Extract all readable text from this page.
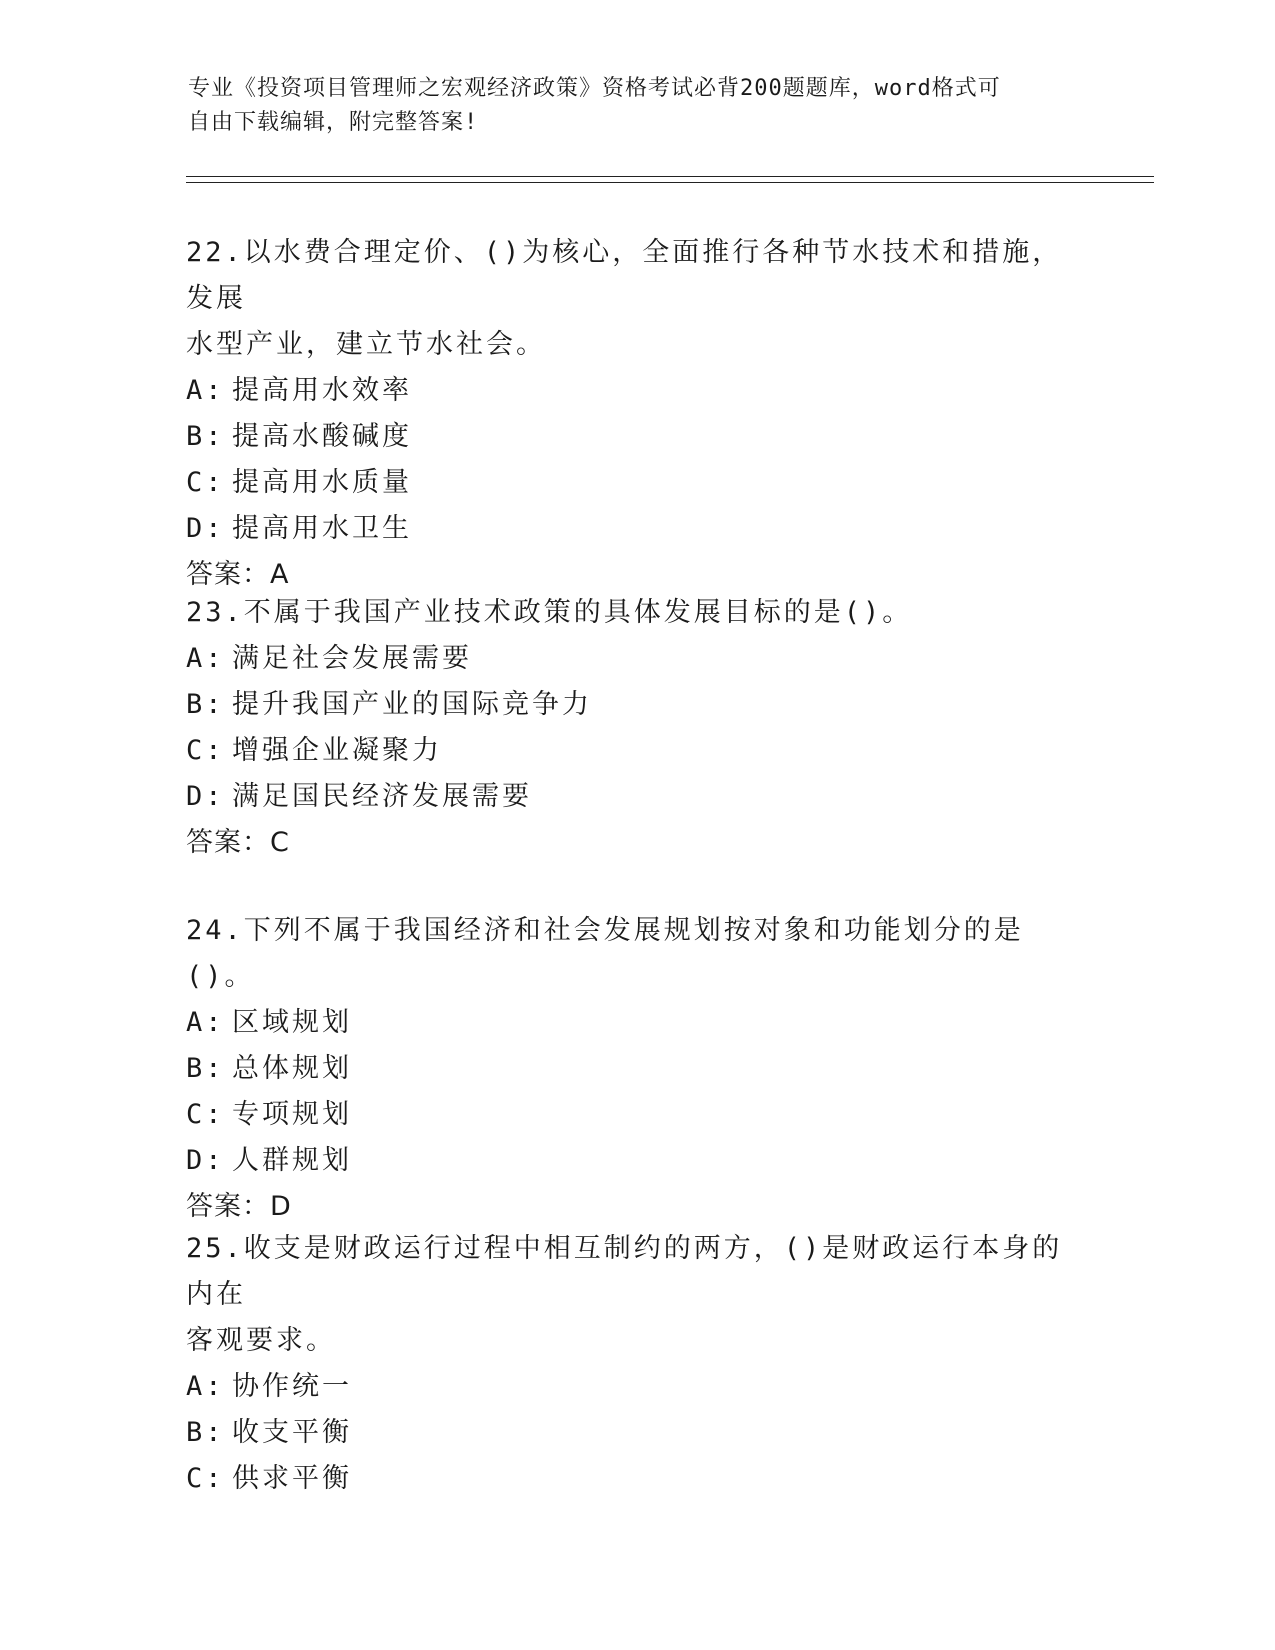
专业《投资项目管理师之宏观经济政策》资格考试必背200题题库，word格式可
自由下载编辑，附完整答案!

22.以水费合理定价、()为核心，全面推行各种节水技术和措施，发展

水型产业，建立节水社会。

A: 提高用水效率

B: 提高水酸碱度

C: 提高用水质量

D: 提高用水卫生

答案：A

23.不属于我国产业技术政策的具体发展目标的是()。

A: 满足社会发展需要

B: 提升我国产业的国际竞争力

C: 增强企业凝聚力

D: 满足国民经济发展需要

答案：C

24.下列不属于我国经济和社会发展规划按对象和功能划分的是()。

A: 区域规划

B: 总体规划

C: 专项规划

D: 人群规划

答案：D

25.收支是财政运行过程中相互制约的两方，()是财政运行本身的内在

客观要求。

A: 协作统一

B: 收支平衡

C: 供求平衡
